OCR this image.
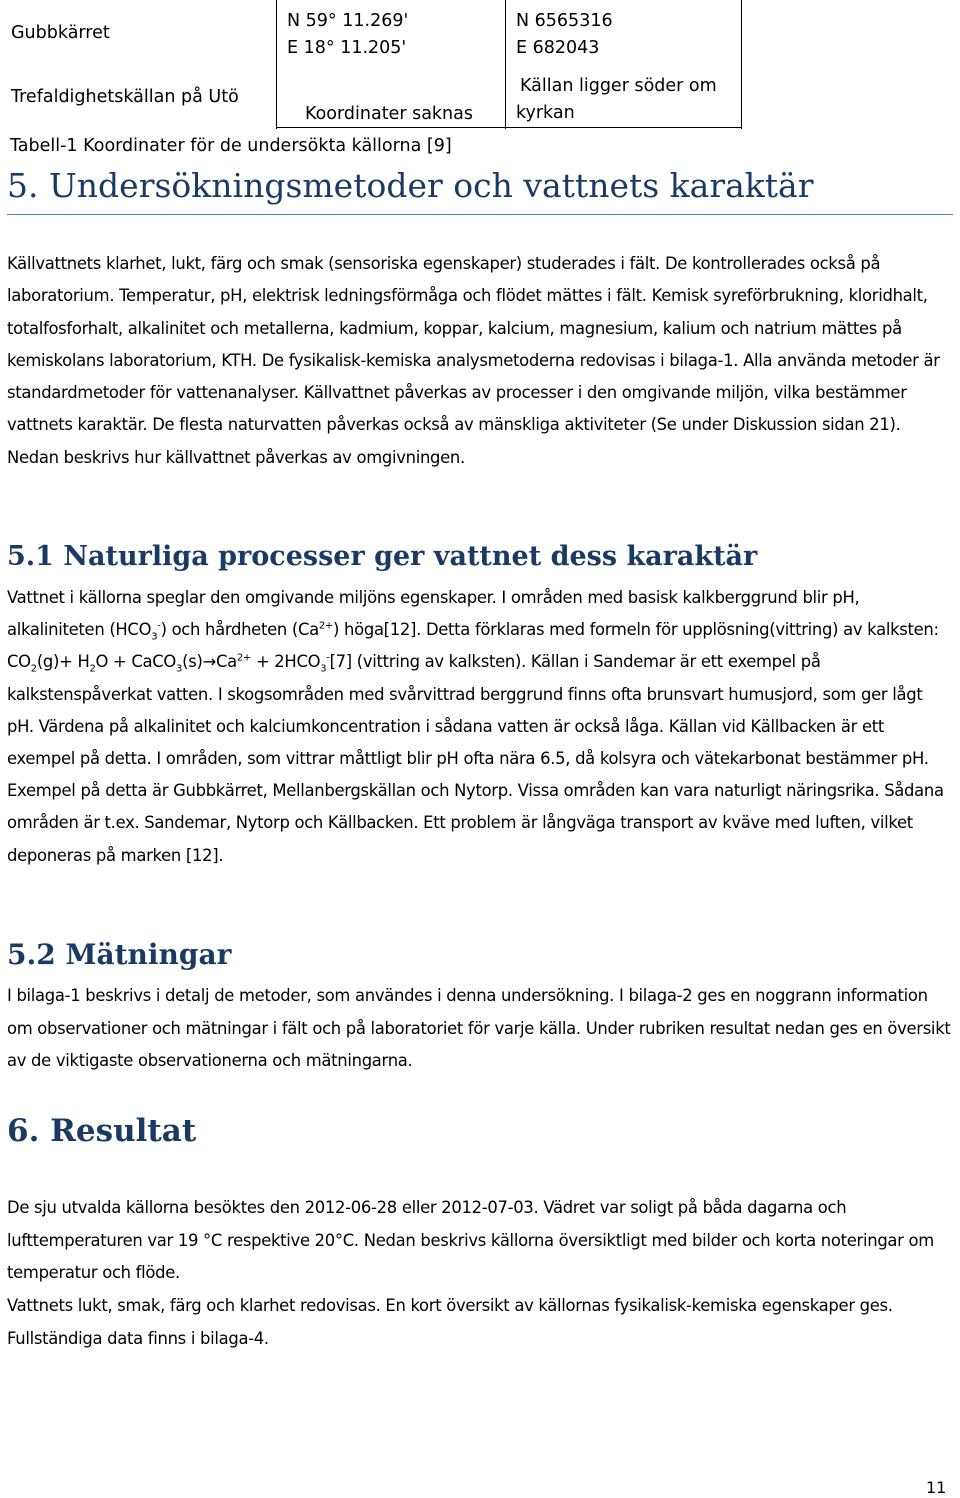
Gubbkärret
N 59° 11.269'
E 18° 11.205'
N 6565316
E 682043
Trefaldighetskällan på Utö
Koordinater saknas
Källan ligger söder om
kyrkan
Tabell-1 Koordinater för de undersökta källorna [9]
5. Undersökningsmetoder och vattnets karaktär

Källvattnets klarhet, lukt, färg och smak (sensoriska egenskaper) studerades i fält. De kontrollerades också på laboratorium. Temperatur, pH, elektrisk ledningsförmåga och flödet mättes i fält. Kemisk syreförbrukning, kloridhalt, totalfosforhalt, alkalinitet och metallerna, kadmium, koppar, kalcium, magnesium, kalium och natrium mättes på kemiskolans laboratorium, KTH. De fysikalisk-kemiska analysmetoderna redovisas i bilaga-1. Alla använda metoder är standardmetoder för vattenanalyser. Källvattnet påverkas av processer i den omgivande miljön, vilka bestämmer vattnets karaktär. De flesta naturvatten påverkas också av mänskliga aktiviteter (Se under Diskussion sidan 21). Nedan beskrivs hur källvattnet påverkas av omgivningen.

5.1 Naturliga processer ger vattnet dess karaktär

Vattnet i källorna speglar den omgivande miljöns egenskaper. I områden med basisk kalkberggrund blir pH, alkaliniteten $(HCO_3^-)$ och hårdheten $(Ca^{2+})$ höga[12]. Detta förklaras med formeln för upplösning(vittring) av kalksten: $CO_2(g)+ H_2O$ + $CaCO_3(s)\to Ca^{2+} + 2HCO_3^-[7]$ (vittring av kalksten). Källan i Sandemar är ett exempel på kalkstenspåverkat vatten. I skogsområden med svårvittrad berggrund finns ofta brunsvart humusjord, som ger lågt pH. Värdena på alkalinitet och kalciumkoncentration i sådana vatten är också låga. Källan vid Källbacken är ett exempel på detta. I områden, som vittrar måttligt blir pH ofta nära 6.5, då kolsyra och vätekarbonat bestämmer pH. Exempel på detta är Gubbkärret, Mellanbergskällan och Nytorp. Vissa områden kan vara naturligt näringsrika. Sådana områden är t.ex. Sandemar, Nytorp och Källbacken. Ett problem är långväga transport av kväve med luften, vilket deponeras på marken [12].

5.2 Mätningar

I bilaga-1 beskrivs i detalj de metoder, som användes i denna undersökning. I bilaga-2 ges en noggrann information om observationer och mätningar i fält och på laboratoriet för varje källa. Under rubriken resultat nedan ges en översikt av de viktigaste observationerna och mätningarna.

6. Resultat

De sju utvalda källorna besöktes den 2012-06-28 eller 2012-07-03. Vädret var soligt på båda dagarna och lufttemperaturen var 19 °C respektive 20°C. Nedan beskrivs källorna översiktligt med bilder och korta noteringar om temperatur och flöde.

Vattnets lukt, smak, färg och klarhet redovisas. En kort översikt av källornas fysikalisk-kemiska egenskaper ges. Fullständiga data finns i bilaga-4.

11
